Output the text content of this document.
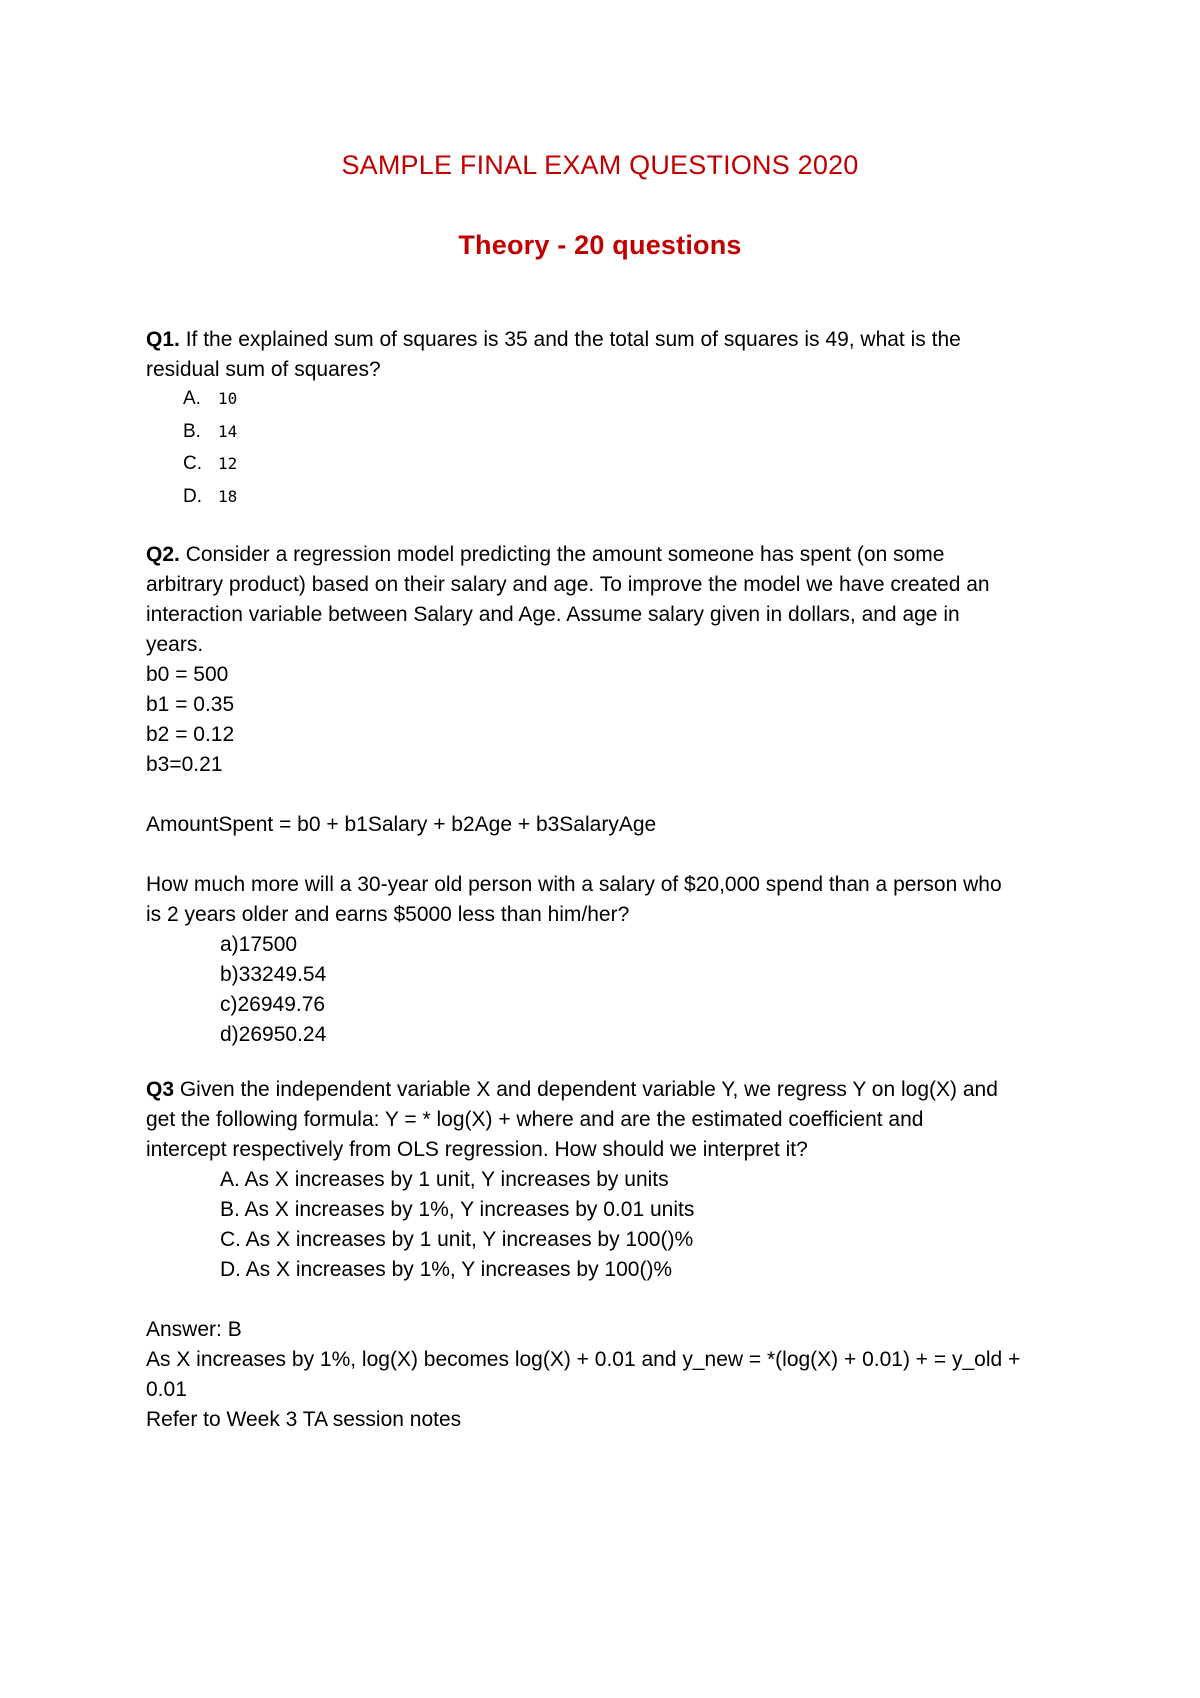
SAMPLE FINAL EXAM QUESTIONS 2020
Theory - 20 questions
Q1. If the explained sum of squares is 35 and the total sum of squares is 49, what is the
residual sum of squares?
A. 10
B. 14
C. 12
D. 18
Q2. Consider a regression model predicting the amount someone has spent (on some
arbitrary product) based on their salary and age. To improve the model we have created an
interaction variable between Salary and Age. Assume salary given in dollars, and age in
years.
b0 = 500
b1 = 0.35
b2 = 0.12
b3=0.21
AmountSpent = b0 + b1Salary + b2Age + b3SalaryAge
How much more will a 30-year old person with a salary of $20,000 spend than a person who
is 2 years older and earns $5000 less than him/her?
a)17500
b)33249.54
c)26949.76
d)26950.24
Q3 Given the independent variable X and dependent variable Y, we regress Y on log(X) and
get the following formula: Y = * log(X) + where and are the estimated coefficient and
intercept respectively from OLS regression. How should we interpret it?
A. As X increases by 1 unit, Y increases by units
B. As X increases by 1%, Y increases by 0.01 units
C. As X increases by 1 unit, Y increases by 100()%
D. As X increases by 1%, Y increases by 100()%
Answer: B
As X increases by 1%, log(X) becomes log(X) + 0.01 and y_new = *(log(X) + 0.01) + = y_old +
0.01
Refer to Week 3 TA session notes
